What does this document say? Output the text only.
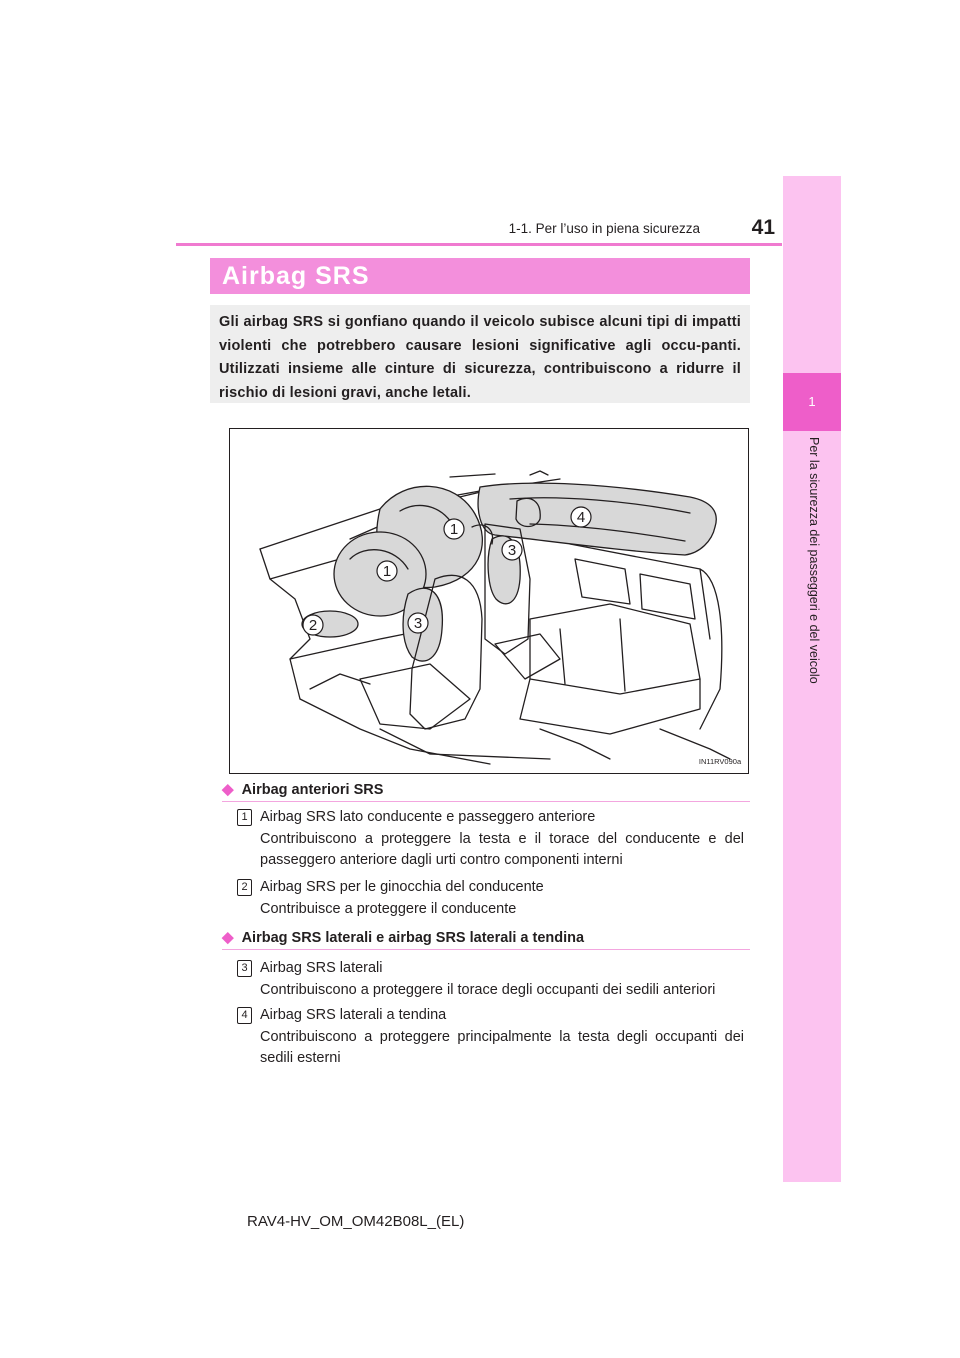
1-1. Per l’uso in piena sicurezza	41
1
Per la sicurezza dei passeggeri e del veicolo
Airbag SRS
Gli airbag SRS si gonfiano quando il veicolo subisce alcuni tipi di impatti violenti che potrebbero causare lesioni significative agli occu-panti. Utilizzati insieme alle cinture di sicurezza, contribuiscono a ridurre il rischio di lesioni gravi, anche letali.
1
1
2
3
3
4
IN11RV090a
◆ Airbag anteriori SRS
1 Airbag SRS lato conducente e passeggero anteriore
Contribuiscono a proteggere la testa e il torace del conducente e del passeggero anteriore dagli urti contro componenti interni
2 Airbag SRS per le ginocchia del conducente
Contribuisce a proteggere il conducente
◆ Airbag SRS laterali e airbag SRS laterali a tendina
3 Airbag SRS laterali
Contribuiscono a proteggere il torace degli occupanti dei sedili anteriori
4 Airbag SRS laterali a tendina
Contribuiscono a proteggere principalmente la testa degli occupanti dei sedili esterni
RAV4-HV_OM_OM42B08L_(EL)
